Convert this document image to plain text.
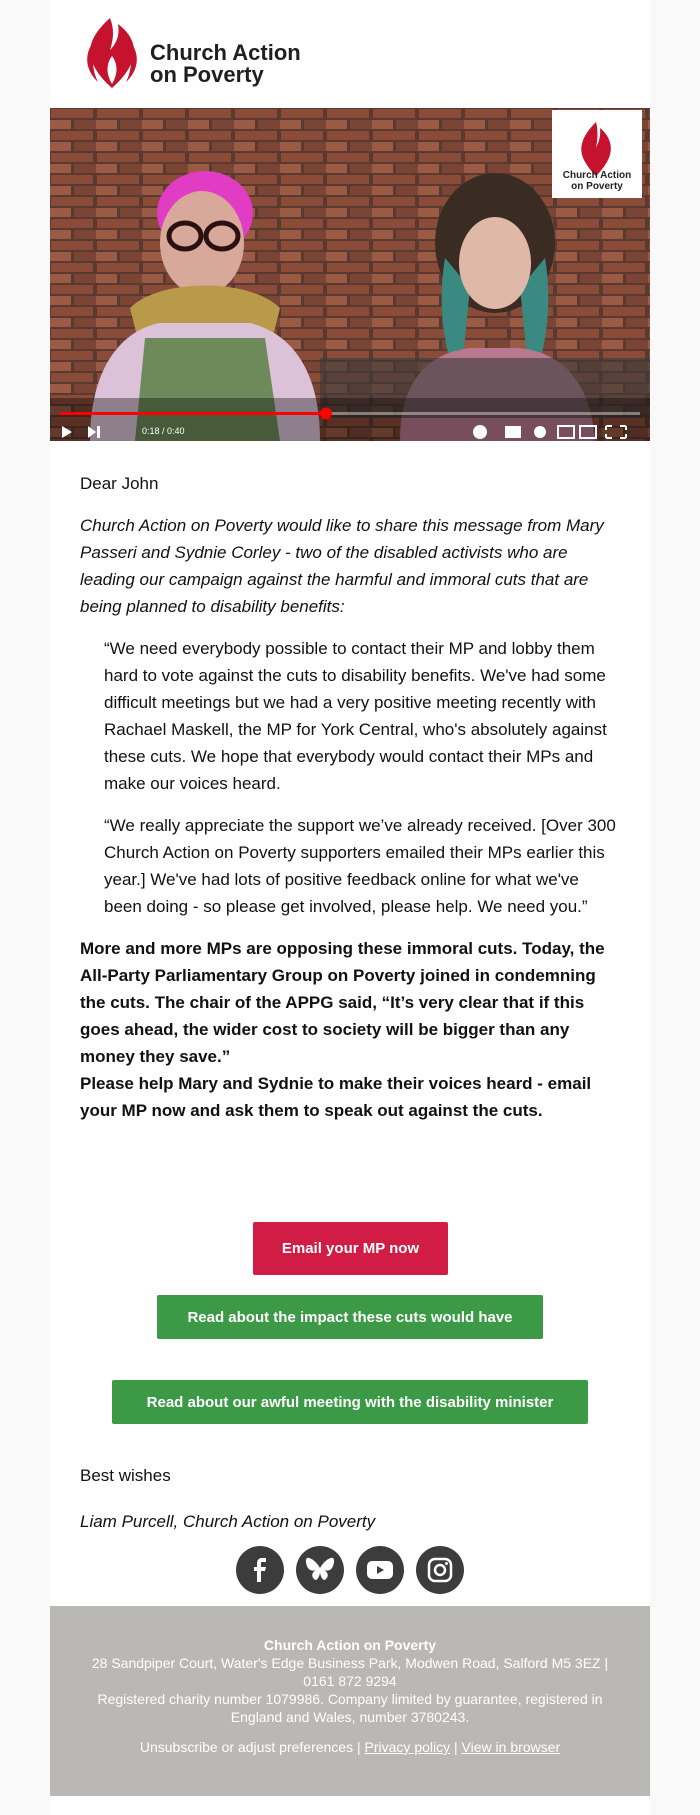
Church Action
on Poverty
Church Action
on Poverty
0:18 / 0:40

Dear John

Church Action on Poverty would like to share this message from Mary Passeri and Sydnie Corley - two of the disabled activists who are leading our campaign against the harmful and immoral cuts that are being planned to disability benefits:

“We need everybody possible to contact their MP and lobby them hard to vote against the cuts to disability benefits. We've had some difficult meetings but we had a very positive meeting recently with Rachael Maskell, the MP for York Central, who's absolutely against these cuts. We hope that everybody would contact their MPs and make our voices heard.

“We really appreciate the support we’ve already received. [Over 300 Church Action on Poverty supporters emailed their MPs earlier this year.] We've had lots of positive feedback online for what we've been doing - so please get involved, please help. We need you.”

More and more MPs are opposing these immoral cuts. Today, the All-Party Parliamentary Group on Poverty joined in condemning the cuts. The chair of the APPG said, “It’s very clear that if this goes ahead, the wider cost to society will be bigger than any money they save.”

Please help Mary and Sydnie to make their voices heard - email your MP now and ask them to speak out against the cuts.

Email your MP now
Read about the impact these cuts would have
Read about our awful meeting with the disability minister
Best wishes
Liam Purcell, Church Action on Poverty
Church Action on Poverty
28 Sandpiper Court, Water's Edge Business Park, Modwen Road, Salford M5 3EZ |
0161 872 9294
Registered charity number 1079986. Company limited by guarantee, registered in England and Wales, number 3780243.
Unsubscribe or adjust preferences | Privacy policy | View in browser
